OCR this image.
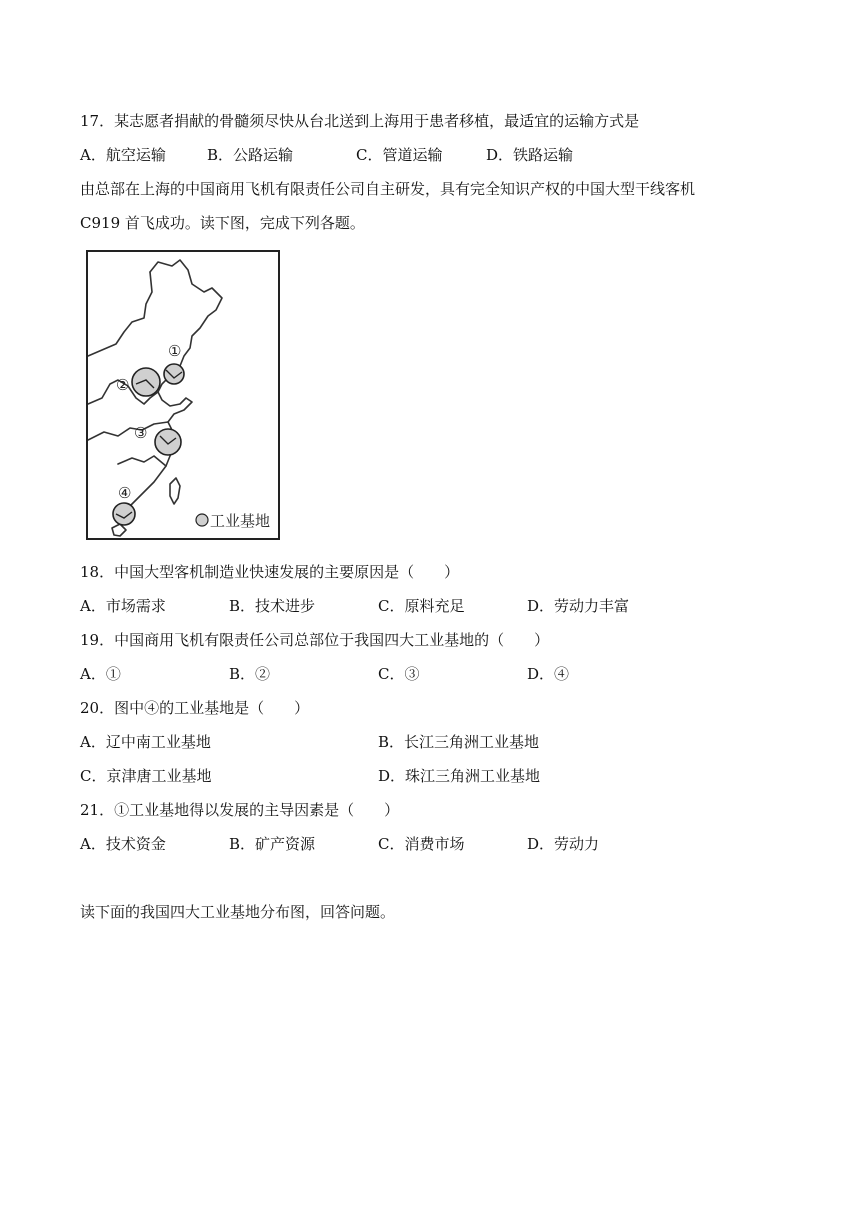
17．某志愿者捐献的骨髓须尽快从台北送到上海用于患者移植，最适宜的运输方式是
A．航空运输	B．公路运输	C．管道运输	D．铁路运输
由总部在上海的中国商用飞机有限责任公司自主研发，具有完全知识产权的中国大型干线客机
C919 首飞成功。读下图，完成下列各题。
①
②
③
④
工业基地
18．中国大型客机制造业快速发展的主要原因是（　　）
A．市场需求	B．技术进步	C．原料充足	D．劳动力丰富
19．中国商用飞机有限责任公司总部位于我国四大工业基地的（　　）
A．①	B．②	C．③	D．④
20．图中④的工业基地是（　　）
A．辽中南工业基地	B．长江三角洲工业基地
C．京津唐工业基地	D．珠江三角洲工业基地
21．①工业基地得以发展的主导因素是（　　）
A．技术资金	B．矿产资源	C．消费市场	D．劳动力
读下面的我国四大工业基地分布图，回答问题。
